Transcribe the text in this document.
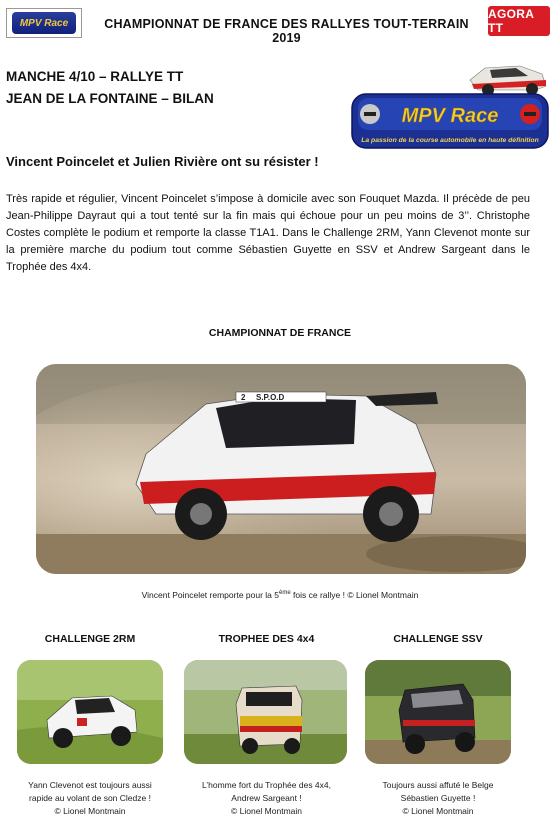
MPV Race	CHAMPIONNAT DE FRANCE DES RALLYES TOUT-TERRAIN 2019
AGORA TT
MANCHE 4/10 – RALLYE TT
JEAN DE LA FONTAINE – BILAN
MPV Race
La passion de la course automobile en haute définition
Vincent Poincelet et Julien Rivière ont su résister !
Très rapide et régulier, Vincent Poincelet s’impose à domicile avec son Fouquet Mazda. Il précède de peu Jean-Philippe Dayraut qui a tout tenté sur la fin mais qui échoue pour un peu moins de 3’’. Christophe Costes complète le podium et remporte la classe T1A1. Dans le Challenge 2RM, Yann Clevenot monte sur la première marche du podium tout comme Sébastien Guyette en SSV et Andrew Sargeant dans le Trophée des 4x4.
CHAMPIONNAT DE FRANCE
2 S.P.O.D
Vincent Poincelet remporte pour la 5ème fois ce rallye ! © Lionel Montmain
CHALLENGE 2RM	TROPHEE DES 4x4	CHALLENGE SSV
Yann Clevenot est toujours aussi
rapide au volant de son Cledze !
© Lionel Montmain
L’homme fort du Trophée des 4x4,
Andrew Sargeant !
© Lionel Montmain
Toujours aussi affuté le Belge
Sébastien Guyette !
© Lionel Montmain
